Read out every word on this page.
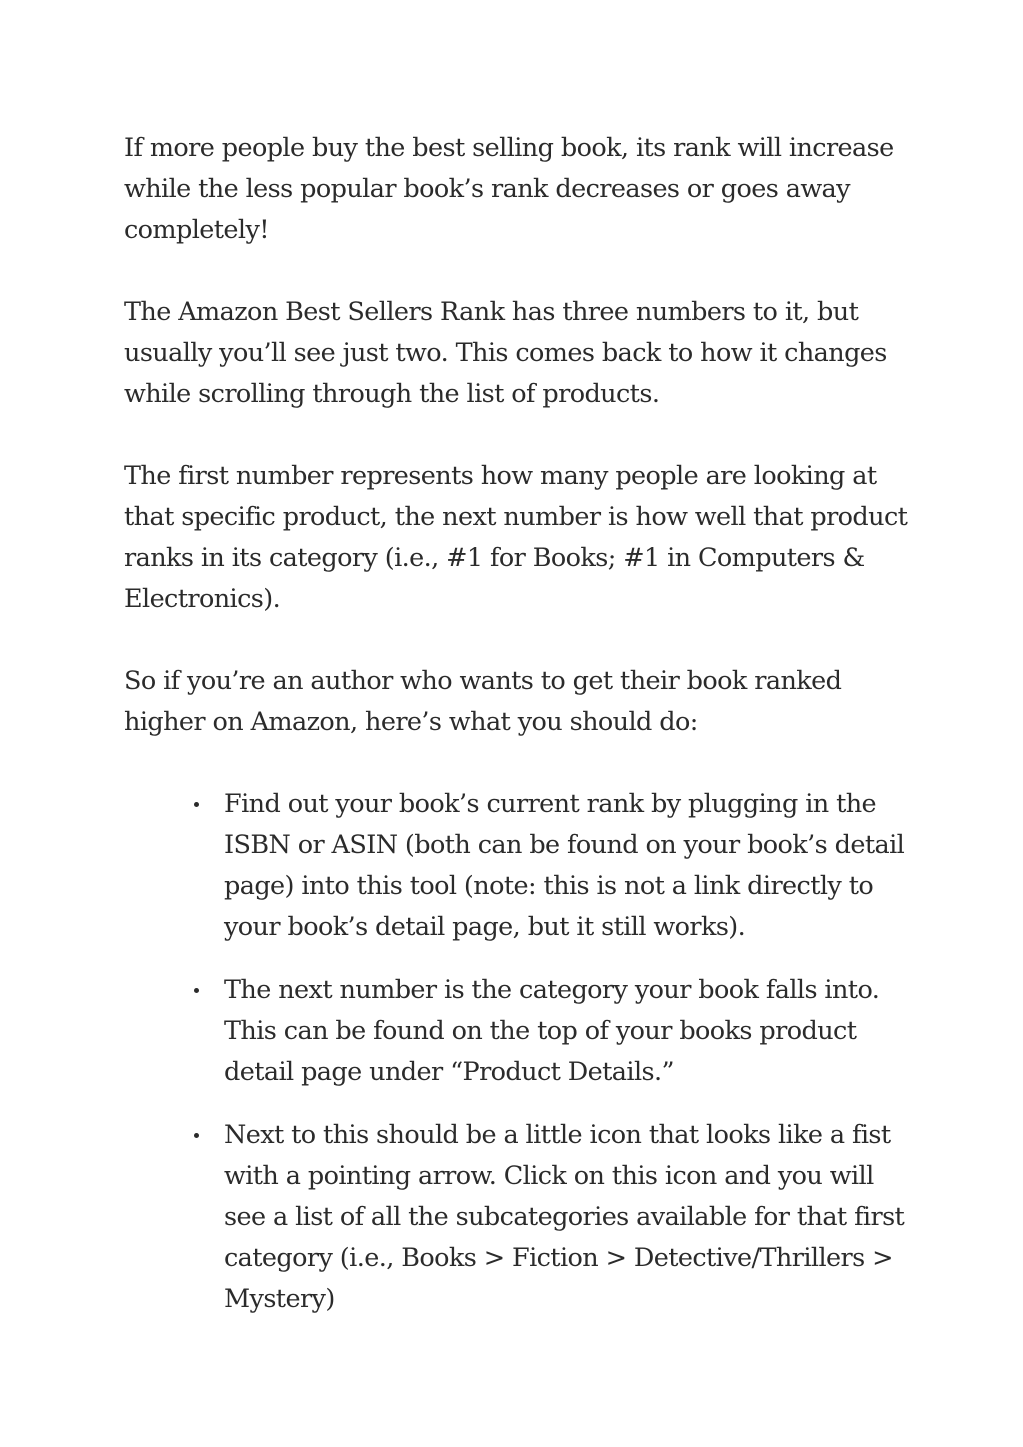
If more people buy the best selling book, its rank will increase while the less popular book’s rank decreases or goes away completely!

The Amazon Best Sellers Rank has three numbers to it, but usually you’ll see just two. This comes back to how it changes while scrolling through the list of products.

The first number represents how many people are looking at that specific product, the next number is how well that product ranks in its category (i.e., #1 for Books; #1 in Computers & Electronics).

So if you’re an author who wants to get their book ranked higher on Amazon, here’s what you should do:

Find out your book’s current rank by plugging in the ISBN or ASIN (both can be found on your book’s detail page) into this tool (note: this is not a link directly to your book’s detail page, but it still works).
The next number is the category your book falls into. This can be found on the top of your books product detail page under “Product Details.”
Next to this should be a little icon that looks like a fist with a pointing arrow. Click on this icon and you will see a list of all the subcategories available for that first category (i.e., Books > Fiction > Detective/Thrillers > Mystery)
